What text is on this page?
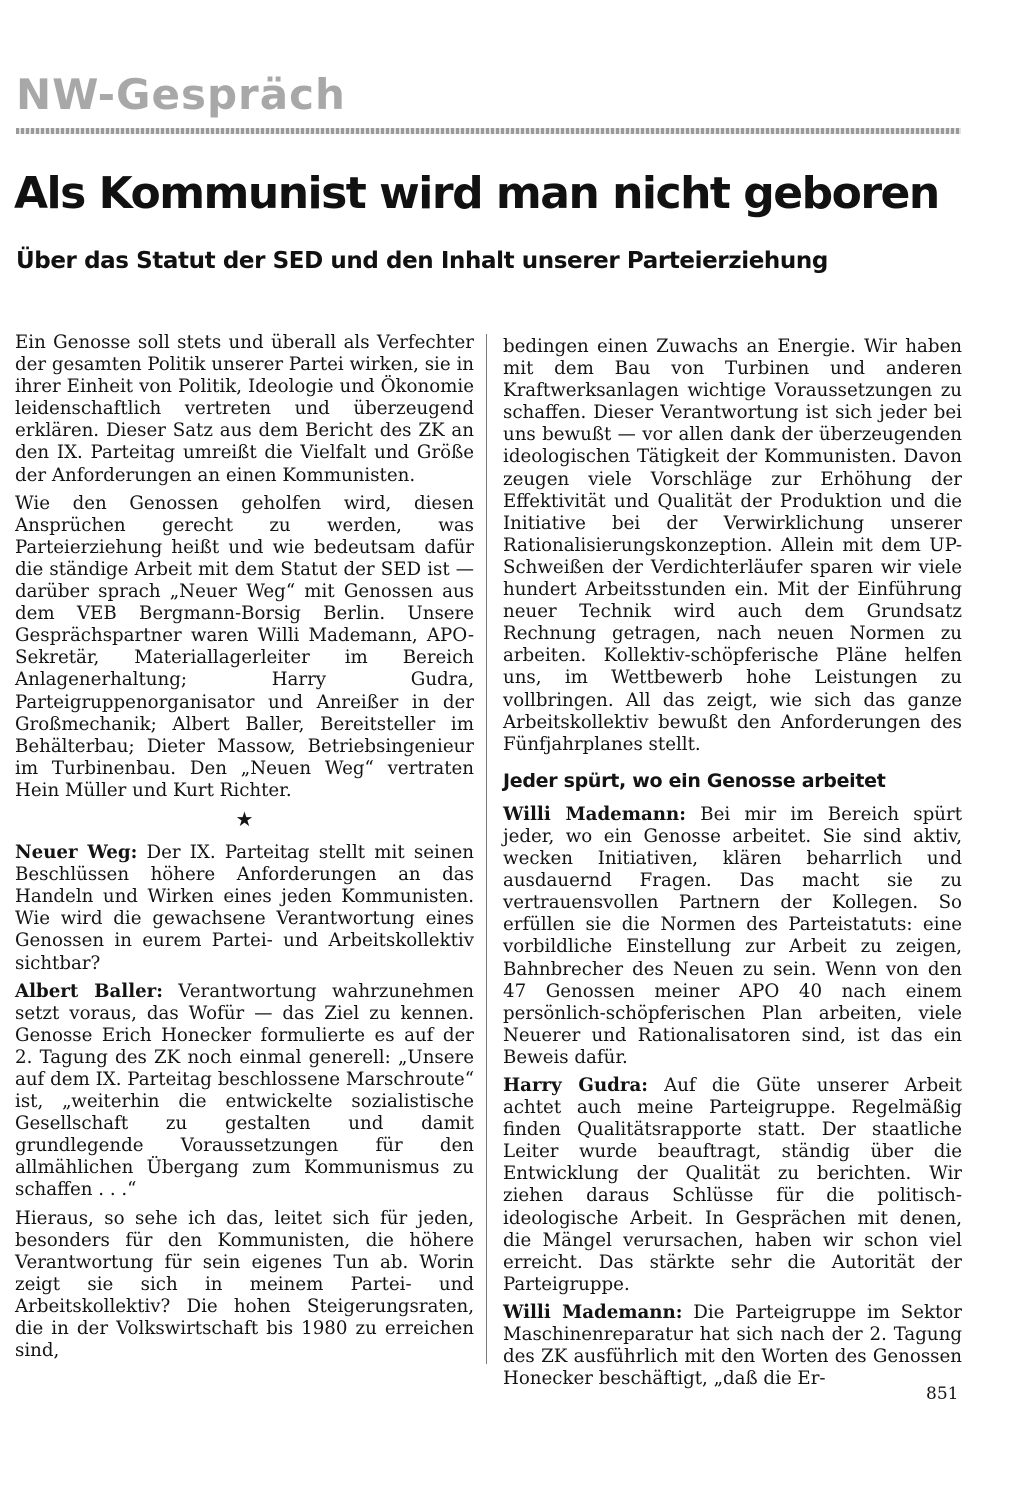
NW-Gespräch
Als Kommunist wird man nicht geboren
Über das Statut der SED und den Inhalt unserer Parteierziehung

Ein Genosse soll stets und überall als Verfechter der gesamten Politik unserer Partei wirken, sie in ihrer Einheit von Politik, Ideologie und Ökonomie leidenschaftlich vertreten und überzeugend erklären. Dieser Satz aus dem Bericht des ZK an den IX. Parteitag umreißt die Vielfalt und Größe der Anforderungen an einen Kommunisten.

Wie den Genossen geholfen wird, diesen Ansprüchen gerecht zu werden, was Parteierziehung heißt und wie bedeutsam dafür die ständige Arbeit mit dem Statut der SED ist — darüber sprach „Neuer Weg“ mit Genossen aus dem VEB Bergmann-Borsig Berlin. Unsere Gesprächspartner waren Willi Mademann, APO-Sekretär, Materiallagerleiter im Bereich Anlagenerhaltung; Harry Gudra, Parteigruppenorganisator und Anreißer in der Großmechanik; Albert Baller, Bereitsteller im Behälterbau; Dieter Massow, Betriebsingenieur im Turbinenbau. Den „Neuen Weg“ vertraten Hein Müller und Kurt Richter.

★

Neuer Weg: Der IX. Parteitag stellt mit seinen Beschlüssen höhere Anforderungen an das Handeln und Wirken eines jeden Kommunisten. Wie wird die gewachsene Verantwortung eines Genossen in eurem Partei- und Arbeitskollektiv sichtbar?

Albert Baller: Verantwortung wahrzunehmen setzt voraus, das Wofür — das Ziel zu kennen. Genosse Erich Honecker formulierte es auf der 2. Tagung des ZK noch einmal generell: „Unsere auf dem IX. Parteitag beschlossene Marschroute“ ist, „weiterhin die entwickelte sozialistische Gesellschaft zu gestalten und damit grundlegende Voraussetzungen für den allmählichen Übergang zum Kommunismus zu schaffen . . .“

Hieraus, so sehe ich das, leitet sich für jeden, besonders für den Kommunisten, die höhere Verantwortung für sein eigenes Tun ab. Worin zeigt sie sich in meinem Partei- und Arbeitskollektiv? Die hohen Steigerungsraten, die in der Volkswirtschaft bis 1980 zu erreichen sind,

bedingen einen Zuwachs an Energie. Wir haben mit dem Bau von Turbinen und anderen Kraftwerksanlagen wichtige Voraussetzungen zu schaffen. Dieser Verantwortung ist sich jeder bei uns bewußt — vor allen dank der überzeugenden ideologischen Tätigkeit der Kommunisten. Davon zeugen viele Vorschläge zur Erhöhung der Effektivität und Qualität der Produktion und die Initiative bei der Verwirklichung unserer Rationalisierungskonzeption. Allein mit dem UP-Schweißen der Verdichterläufer sparen wir viele hundert Arbeitsstunden ein. Mit der Einführung neuer Technik wird auch dem Grundsatz Rechnung getragen, nach neuen Normen zu arbeiten. Kollektiv-schöpferische Pläne helfen uns, im Wettbewerb hohe Leistungen zu vollbringen. All das zeigt, wie sich das ganze Arbeitskollektiv bewußt den Anforderungen des Fünfjahrplanes stellt.

Jeder spürt, wo ein Genosse arbeitet

Willi Mademann: Bei mir im Bereich spürt jeder, wo ein Genosse arbeitet. Sie sind aktiv, wecken Initiativen, klären beharrlich und ausdauernd Fragen. Das macht sie zu vertrauensvollen Partnern der Kollegen. So erfüllen sie die Normen des Parteistatuts: eine vorbildliche Einstellung zur Arbeit zu zeigen, Bahnbrecher des Neuen zu sein. Wenn von den 47 Genossen meiner APO 40 nach einem persönlich-schöpferischen Plan arbeiten, viele Neuerer und Rationalisatoren sind, ist das ein Beweis dafür.

Harry Gudra: Auf die Güte unserer Arbeit achtet auch meine Parteigruppe. Regelmäßig finden Qualitätsrapporte statt. Der staatliche Leiter wurde beauftragt, ständig über die Entwicklung der Qualität zu berichten. Wir ziehen daraus Schlüsse für die politisch-ideologische Arbeit. In Gesprächen mit denen, die Mängel verursachen, haben wir schon viel erreicht. Das stärkte sehr die Autorität der Parteigruppe.

Willi Mademann: Die Parteigruppe im Sektor Maschinenreparatur hat sich nach der 2. Tagung des ZK ausführlich mit den Worten des Genossen Honecker beschäftigt, „daß die Er-

851
